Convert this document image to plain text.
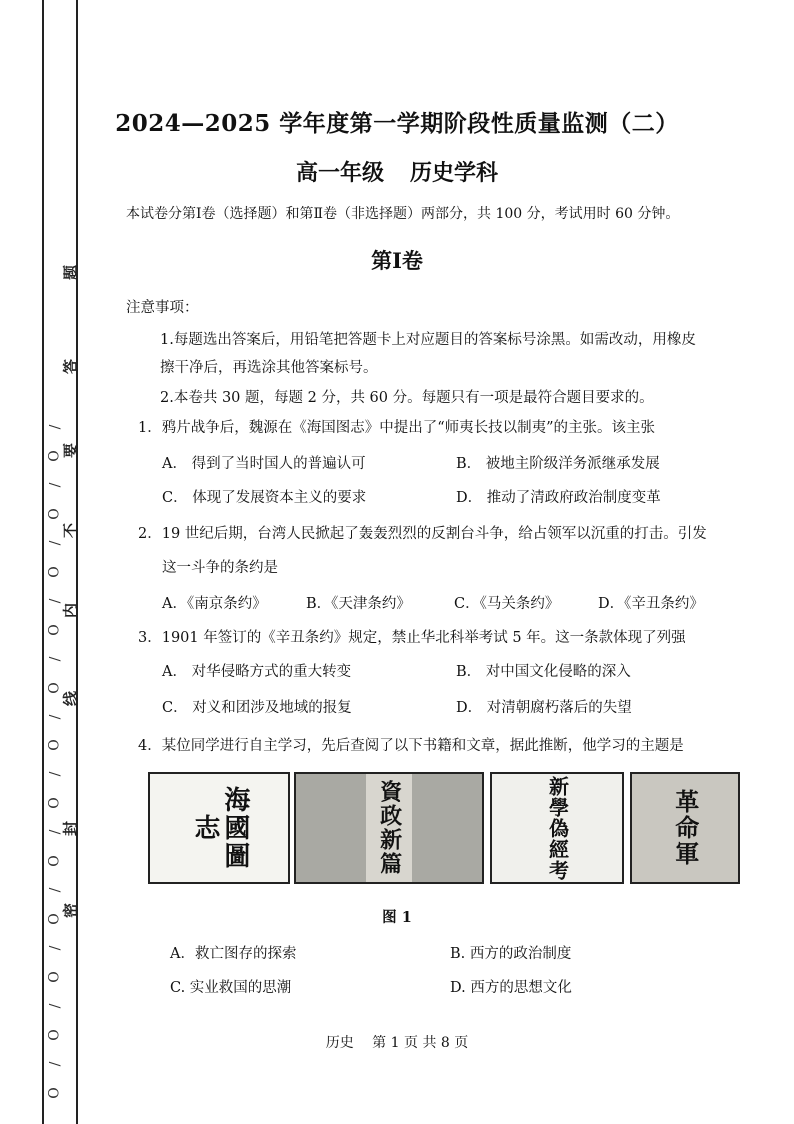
题
答
要
不
内
线
封
密
/
O
/
O
/
O
/
O
/
O
/
O
/
O
/
O
/
O
/
O
/
O
/
O
2024—2025 学年度第一学期阶段性质量监测（二）
高一年级 历史学科
本试卷分第Ⅰ卷（选择题）和第Ⅱ卷（非选择题）两部分，共 100 分，考试用时 60 分钟。
第Ⅰ卷
注意事项：
1.每题选出答案后，用铅笔把答题卡上对应题目的答案标号涂黑。如需改动，用橡皮
擦干净后，再选涂其他答案标号。
2.本卷共 30 题，每题 2 分，共 60 分。每题只有一项是最符合题目要求的。
1．鸦片战争后，魏源在《海国图志》中提出了“师夷长技以制夷”的主张。该主张
A． 得到了当时国人的普遍认可	B． 被地主阶级洋务派继承发展
C． 体现了发展资本主义的要求	D． 推动了清政府政治制度变革
2．19 世纪后期，台湾人民掀起了轰轰烈烈的反割台斗争，给占领军以沉重的打击。引发
这一斗争的条约是
A．《南京条约》	B．《天津条约》	C．《马关条约》	D．《辛丑条约》
3．1901 年签订的《辛丑条约》规定，禁止华北科举考试 5 年。这一条款体现了列强
A． 对华侵略方式的重大转变	B． 对中国文化侵略的深入
C． 对义和团涉及地域的报复	D． 对清朝腐朽落后的失望
4．某位同学进行自主学习，先后查阅了以下书籍和文章，据此推断，他学习的主题是
海國圖志	資政新篇	新學偽經考	革命軍
图 1
A．救亡图存的探索	B. 西方的政治制度
C. 实业救国的思潮	D. 西方的思想文化
历史　 第 1 页 共 8 页
